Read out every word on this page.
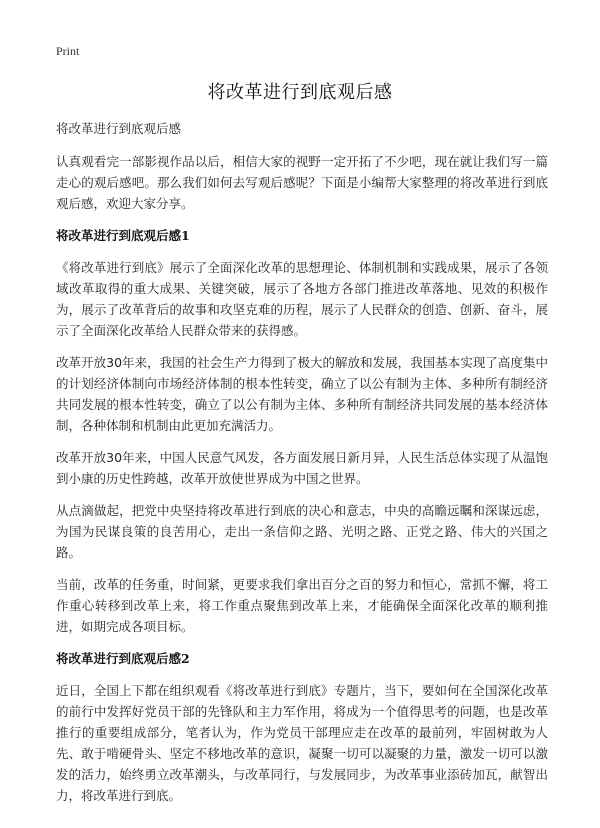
Print
将改革进行到底观后感

将改革进行到底观后感

认真观看完一部影视作品以后，相信大家的视野一定开拓了不少吧，现在就让我们写一篇走心的观后感吧。那么我们如何去写观后感呢？下面是小编帮大家整理的将改革进行到底观后感，欢迎大家分享。

将改革进行到底观后感1

《将改革进行到底》展示了全面深化改革的思想理论、体制机制和实践成果，展示了各领域改革取得的重大成果、关键突破，展示了各地方各部门推进改革落地、见效的积极作为，展示了改革背后的故事和攻坚克难的历程，展示了人民群众的创造、创新、奋斗，展示了全面深化改革给人民群众带来的获得感。

改革开放30年来，我国的社会生产力得到了极大的解放和发展，我国基本实现了高度集中的计划经济体制向市场经济体制的根本性转变，确立了以公有制为主体、多种所有制经济共同发展的根本性转变，确立了以公有制为主体、多种所有制经济共同发展的基本经济体制，各种体制和机制由此更加充满活力。

改革开放30年来，中国人民意气风发，各方面发展日新月异，人民生活总体实现了从温饱到小康的历史性跨越，改革开放使世界成为中国之世界。

从点滴做起，把党中央坚持将改革进行到底的决心和意志，中央的高瞻远瞩和深谋远虑，为国为民谋良策的良苦用心，走出一条信仰之路、光明之路、正党之路、伟大的兴国之路。

当前，改革的任务重，时间紧，更要求我们拿出百分之百的努力和恒心，常抓不懈，将工作重心转移到改革上来，将工作重点聚焦到改革上来，才能确保全面深化改革的顺利推进，如期完成各项目标。

将改革进行到底观后感2

近日，全国上下都在组织观看《将改革进行到底》专题片，当下，要如何在全国深化改革的前行中发挥好党员干部的先锋队和主力军作用，将成为一个值得思考的问题，也是改革推行的重要组成部分，笔者认为，作为党员干部理应走在改革的最前列，牢固树敢为人先、敢于啃硬骨头、坚定不移地改革的意识，凝聚一切可以凝聚的力量，激发一切可以激发的活力，始终勇立改革潮头，与改革同行，与发展同步，为改革事业添砖加瓦，献智出力，将改革进行到底。
